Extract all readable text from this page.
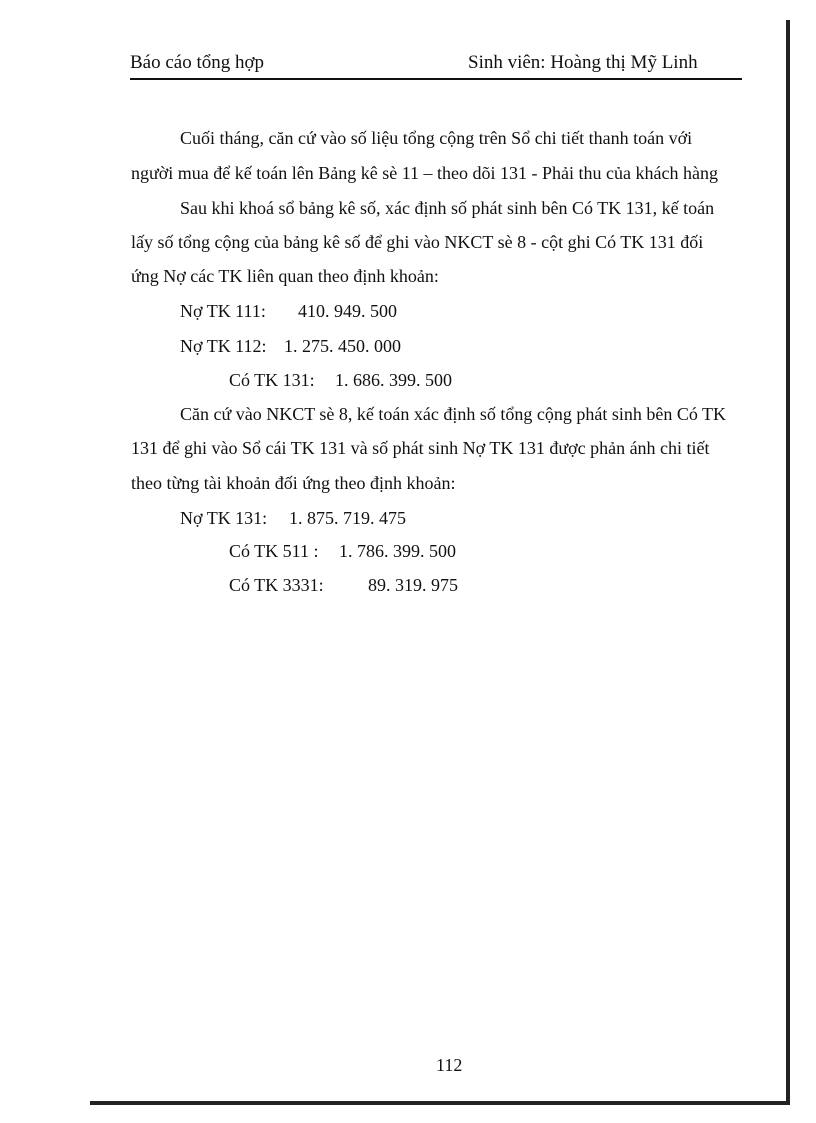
Báo cáo tổng hợp	Sinh viên: Hoàng thị Mỹ Linh
Cuối tháng, căn cứ vào số liệu tổng cộng trên Sổ chi tiết thanh toán với
người mua để kế toán lên Bảng kê sè 11 – theo dõi 131 - Phải thu của khách hàng
Sau khi khoá sổ bảng kê số, xác định số phát sinh bên Có TK 131, kế toán
lấy số tổng cộng của bảng kê số để ghi vào NKCT sè 8 - cột ghi Có TK 131 đối
ứng Nợ các TK liên quan theo định khoản:
Nợ TK 111: 410. 949. 500
Nợ TK 112: 1. 275. 450. 000
Có TK 131: 1. 686. 399. 500
Căn cứ vào NKCT sè 8, kế toán xác định số tổng cộng phát sinh bên Có TK
131 để ghi vào Sổ cái TK 131 và số phát sinh Nợ TK 131 được phản ánh chi tiết
theo từng tài khoản đối ứng theo định khoản:
Nợ TK 131: 1. 875. 719. 475
Có TK 511 : 1. 786. 399. 500
Có TK 3331: 89. 319. 975
112
